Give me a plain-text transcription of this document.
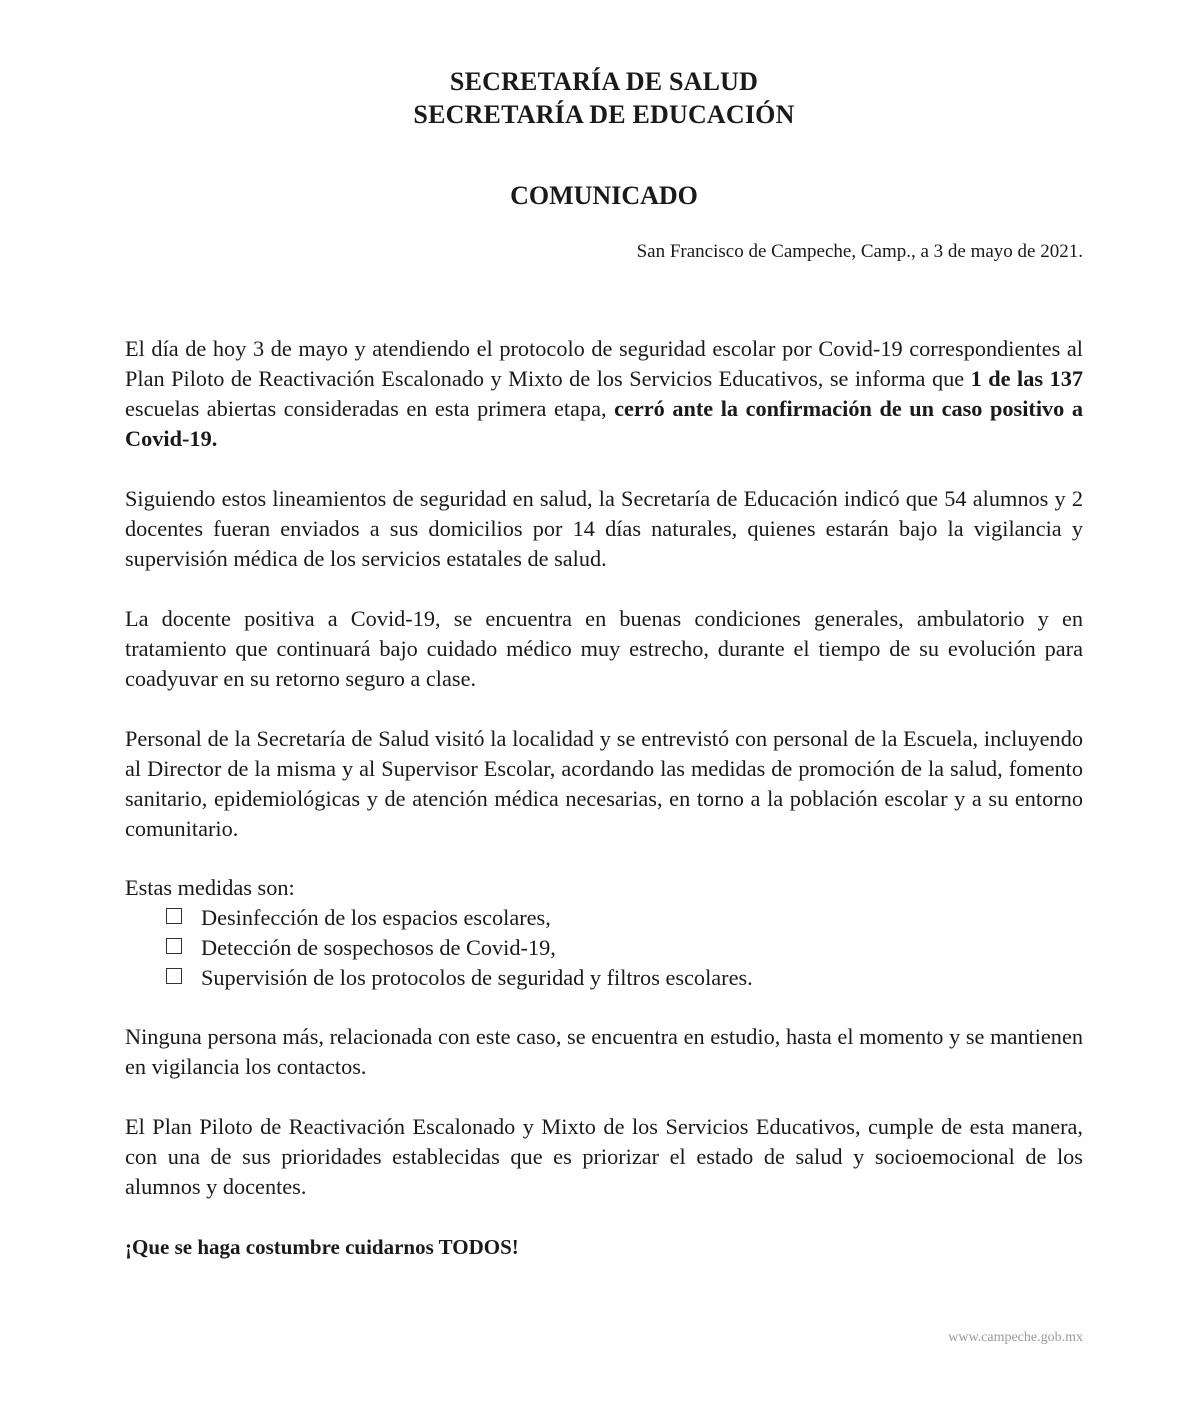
SECRETARÍA DE SALUD
SECRETARÍA DE EDUCACIÓN
COMUNICADO
San Francisco de Campeche, Camp., a 3 de mayo de 2021.

El día de hoy 3 de mayo y atendiendo el protocolo de seguridad escolar por Covid-19 correspondientes al Plan Piloto de Reactivación Escalonado y Mixto de los Servicios Educativos, se informa que 1 de las 137 escuelas abiertas consideradas en esta primera etapa, cerró ante la confirmación de un caso positivo a Covid-19.

Siguiendo estos lineamientos de seguridad en salud, la Secretaría de Educación indicó que 54 alumnos y 2 docentes fueran enviados a sus domicilios por 14 días naturales, quienes estarán bajo la vigilancia y supervisión médica de los servicios estatales de salud.

La docente positiva a Covid-19, se encuentra en buenas condiciones generales, ambulatorio y en tratamiento que continuará bajo cuidado médico muy estrecho, durante el tiempo de su evolución para coadyuvar en su retorno seguro a clase.

Personal de la Secretaría de Salud visitó la localidad y se entrevistó con personal de la Escuela, incluyendo al Director de la misma y al Supervisor Escolar, acordando las medidas de promoción de la salud, fomento sanitario, epidemiológicas y de atención médica necesarias, en torno a la población escolar y a su entorno comunitario.

Estas medidas son:
Desinfección de los espacios escolares,
Detección de sospechosos de Covid-19,
Supervisión de los protocolos de seguridad y filtros escolares.

Ninguna persona más, relacionada con este caso, se encuentra en estudio, hasta el momento y se mantienen en vigilancia los contactos.

El Plan Piloto de Reactivación Escalonado y Mixto de los Servicios Educativos, cumple de esta manera, con una de sus prioridades establecidas que es priorizar el estado de salud y socioemocional de los alumnos y docentes.

¡Que se haga costumbre cuidarnos TODOS!
www.campeche.gob.mx
